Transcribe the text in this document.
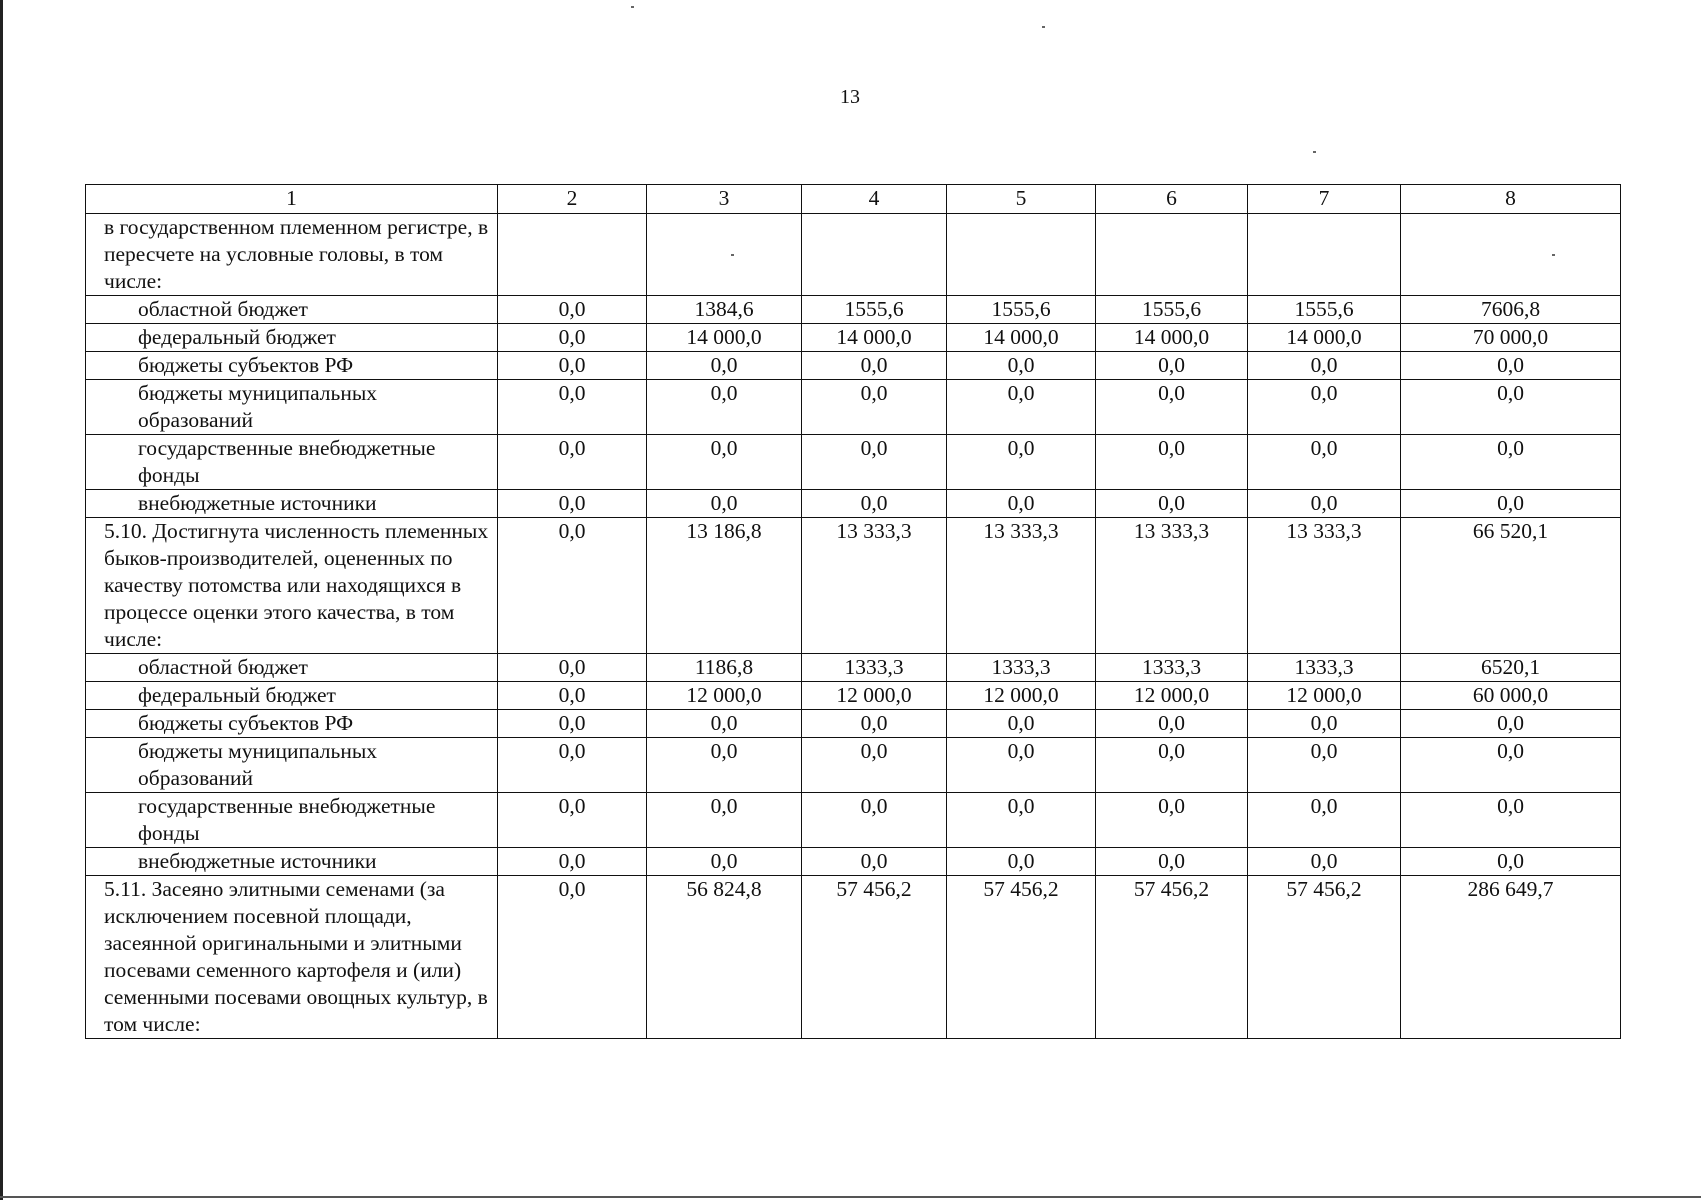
13
1	2	3	4	5	6	7	8
в государственном племенном регистре, в пересчете на условные головы, в том числе:							
областной бюджет	0,0	1384,6	1555,6	1555,6	1555,6	1555,6	7606,8
федеральный бюджет	0,0	14 000,0	14 000,0	14 000,0	14 000,0	14 000,0	70 000,0
бюджеты субъектов РФ	0,0	0,0	0,0	0,0	0,0	0,0	0,0
бюджеты муниципальных образований	0,0	0,0	0,0	0,0	0,0	0,0	0,0
государственные внебюджетные фонды	0,0	0,0	0,0	0,0	0,0	0,0	0,0
внебюджетные источники	0,0	0,0	0,0	0,0	0,0	0,0	0,0
5.10. Достигнута численность племенных быков-производителей, оцененных по качеству потомства или находящихся в процессе оценки этого качества, в том числе:	0,0	13 186,8	13 333,3	13 333,3	13 333,3	13 333,3	66 520,1
областной бюджет	0,0	1186,8	1333,3	1333,3	1333,3	1333,3	6520,1
федеральный бюджет	0,0	12 000,0	12 000,0	12 000,0	12 000,0	12 000,0	60 000,0
бюджеты субъектов РФ	0,0	0,0	0,0	0,0	0,0	0,0	0,0
бюджеты муниципальных образований	0,0	0,0	0,0	0,0	0,0	0,0	0,0
государственные внебюджетные фонды	0,0	0,0	0,0	0,0	0,0	0,0	0,0
внебюджетные источники	0,0	0,0	0,0	0,0	0,0	0,0	0,0
5.11. Засеяно элитными семенами (за исключением посевной площади, засеянной оригинальными и элитными посевами семенного картофеля и (или) семенными посевами овощных культур, в том числе:	0,0	56 824,8	57 456,2	57 456,2	57 456,2	57 456,2	286 649,7
